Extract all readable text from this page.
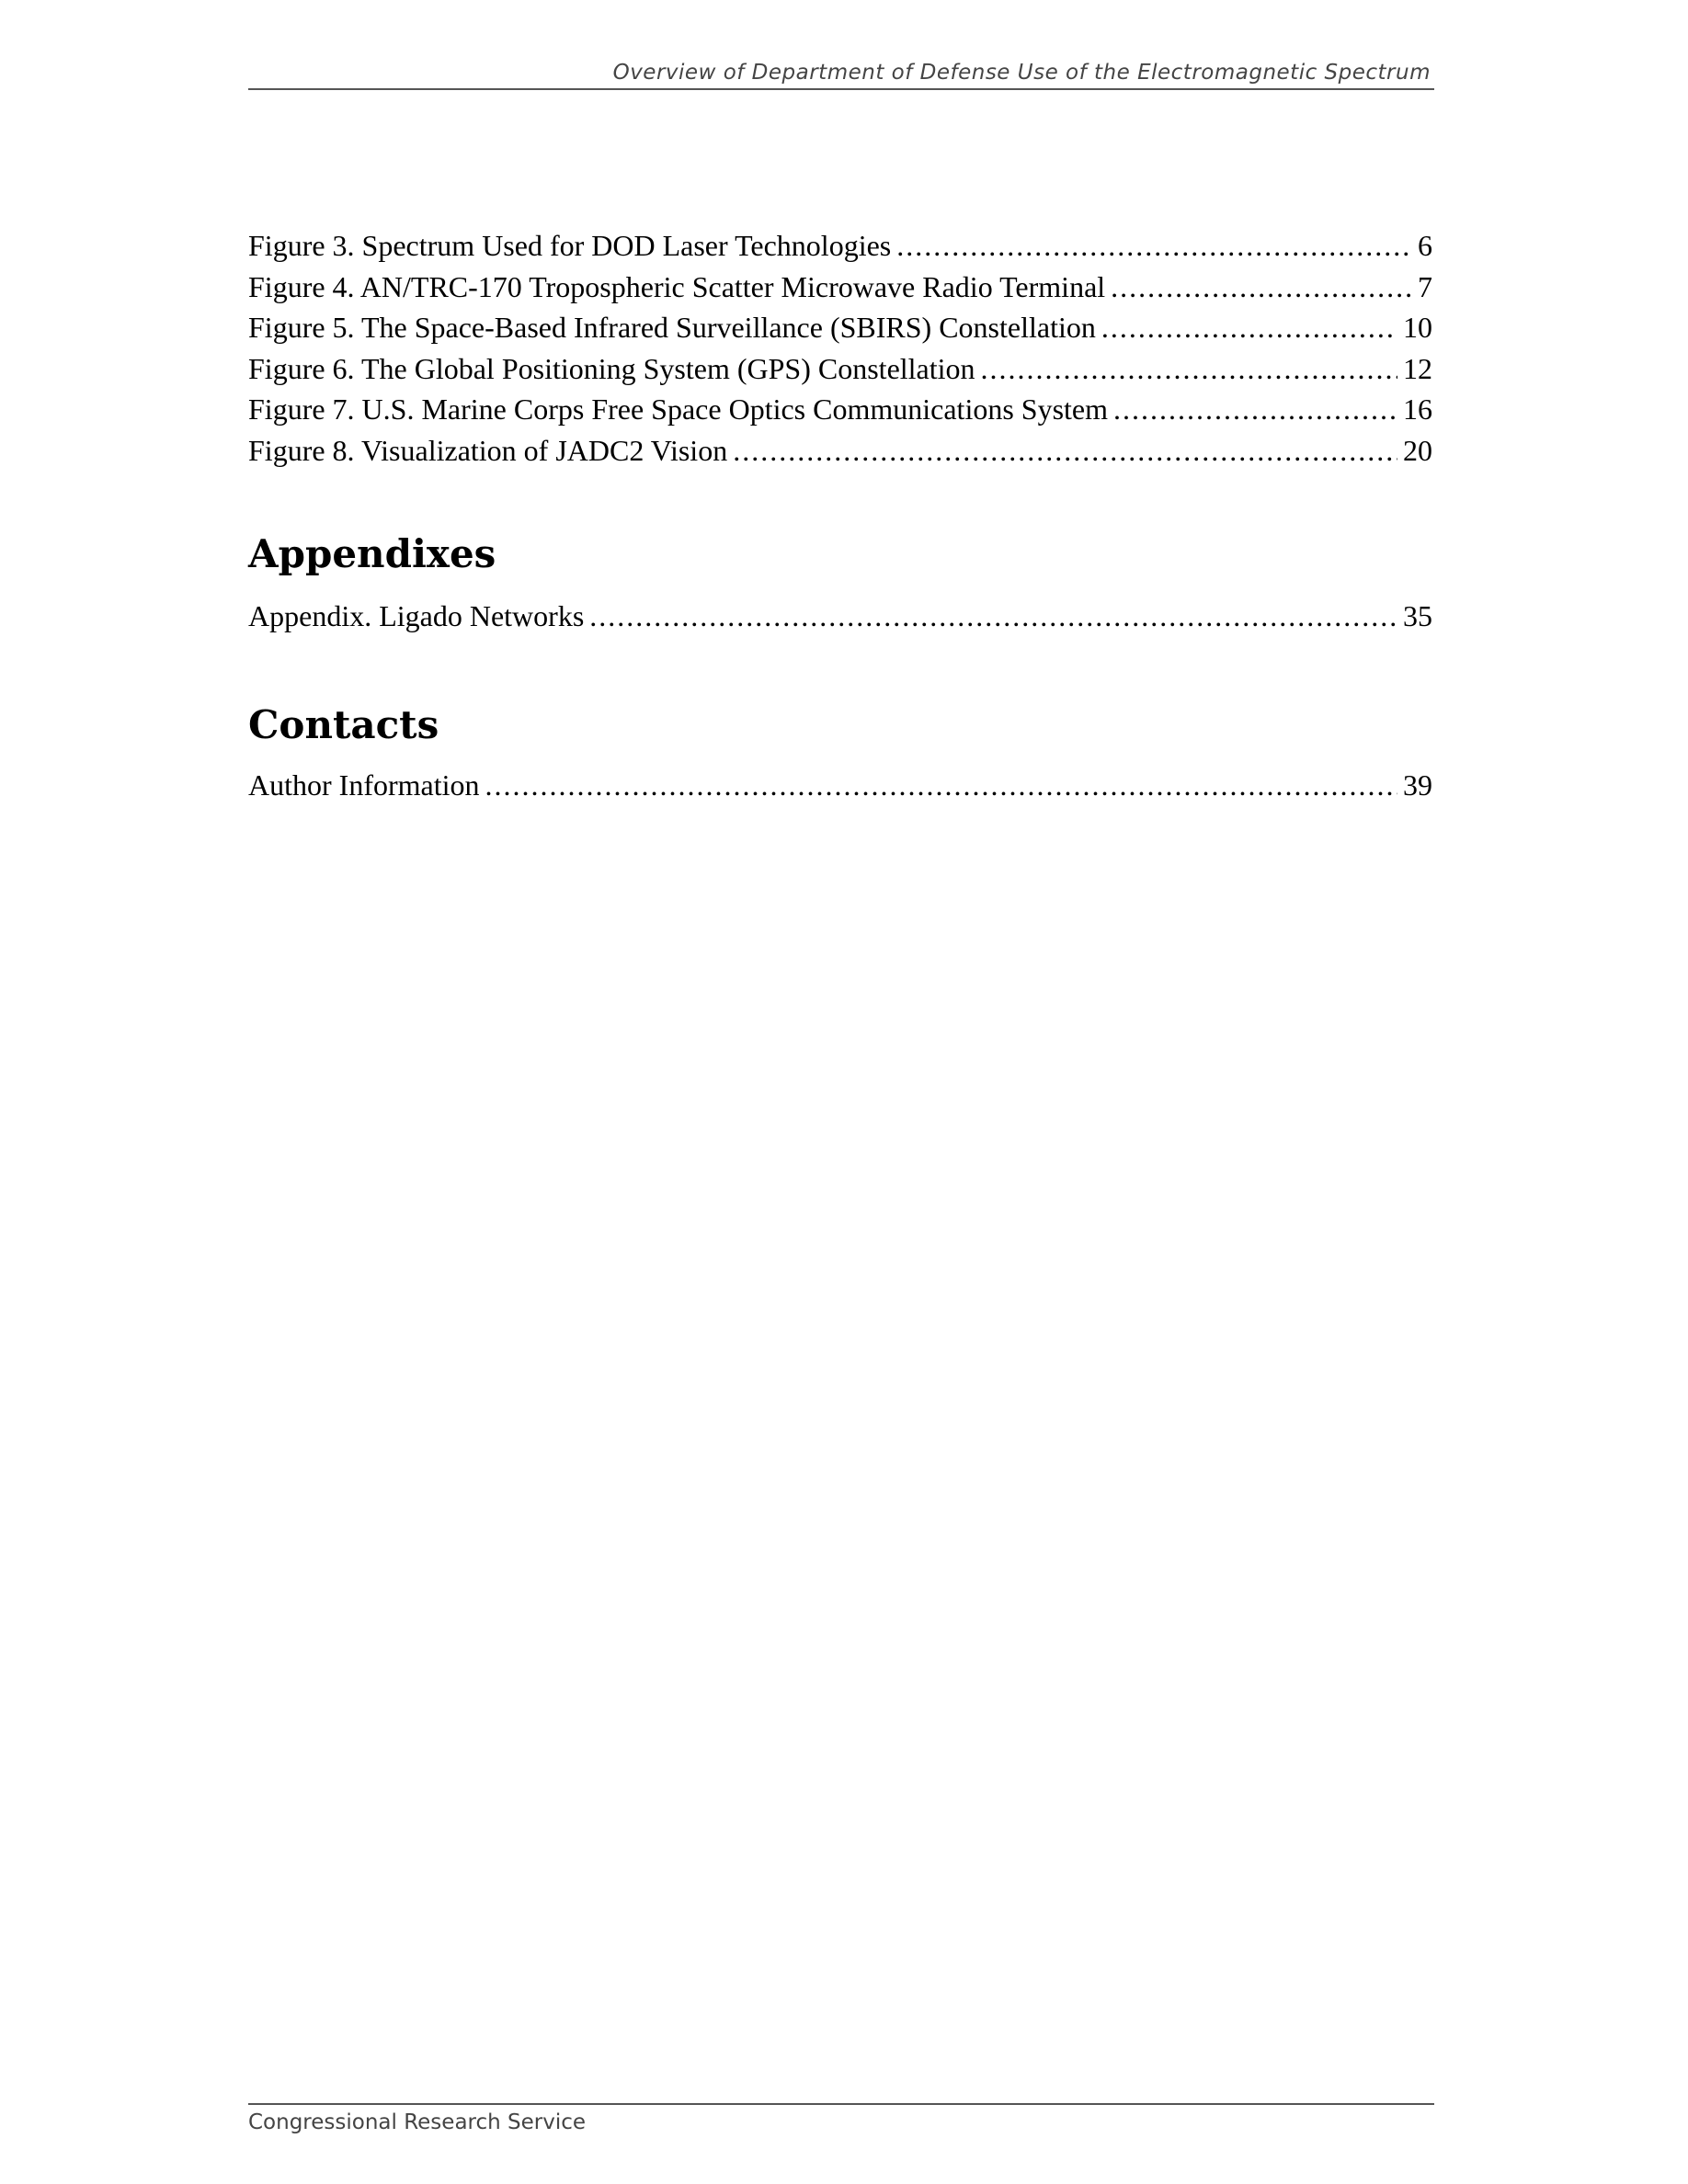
Overview of Department of Defense Use of the Electromagnetic Spectrum
Figure 3. Spectrum Used for DOD Laser Technologies .....	6
Figure 4. AN/TRC-170 Tropospheric Scatter Microwave Radio Terminal .....	7
Figure 5. The Space-Based Infrared Surveillance (SBIRS) Constellation .....	10
Figure 6. The Global Positioning System (GPS) Constellation .....	12
Figure 7. U.S. Marine Corps Free Space Optics Communications System .....	16
Figure 8. Visualization of JADC2 Vision .....	20
Appendixes
Appendix. Ligado Networks .....	35
Contacts
Author Information .....	39
Congressional Research Service
